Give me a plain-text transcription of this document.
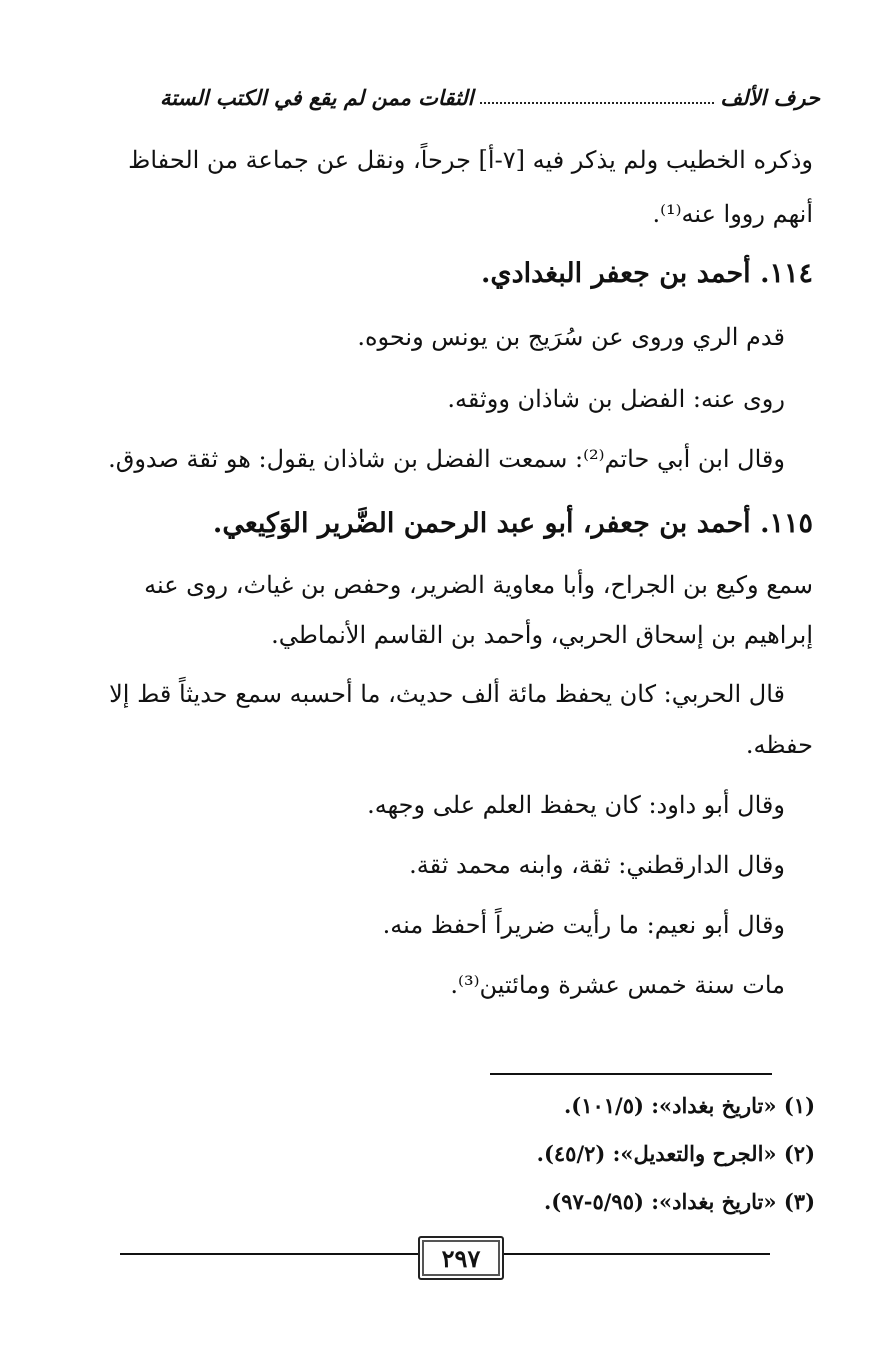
حرف الألف
الثقات ممن لم يقع في الكتب الستة
وذكره الخطيب ولم يذكر فيه [٧-أ] جرحاً، ونقل عن جماعة من الحفاظ
أنهم رووا عنه⁽¹⁾.
١١٤. أحمد بن جعفر البغدادي.
قدم الري وروى عن سُرَيج بن يونس ونحوه.
روى عنه: الفضل بن شاذان ووثقه.
وقال ابن أبي حاتم⁽²⁾: سمعت الفضل بن شاذان يقول: هو ثقة صدوق.
١١٥. أحمد بن جعفر، أبو عبد الرحمن الضَّرير الوَكِيعي.
سمع وكيع بن الجراح، وأبا معاوية الضرير، وحفص بن غياث، روى عنه
إبراهيم بن إسحاق الحربي، وأحمد بن القاسم الأنماطي.
قال الحربي: كان يحفظ مائة ألف حديث، ما أحسبه سمع حديثاً قط إلا
حفظه.
وقال أبو داود: كان يحفظ العلم على وجهه.
وقال الدارقطني: ثقة، وابنه محمد ثقة.
وقال أبو نعيم: ما رأيت ضريراً أحفظ منه.
مات سنة خمس عشرة ومائتين⁽³⁾.
(١) «تاريخ بغداد»: (١٠١/٥).
(٢) «الجرح والتعديل»: (٤٥/٢).
(٣) «تاريخ بغداد»: (٥/٩٥-٩٧).
٢٩٧
